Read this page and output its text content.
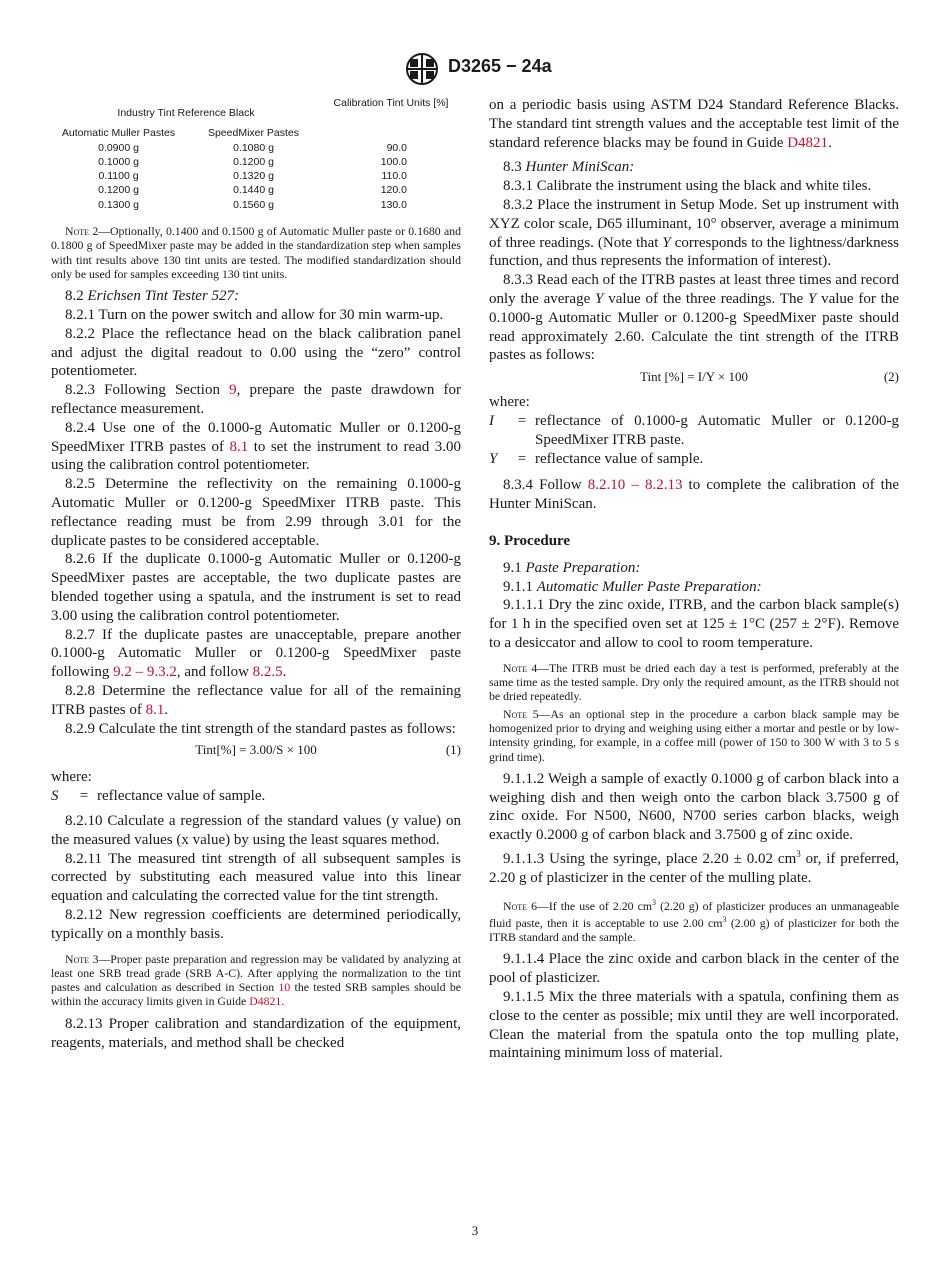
D3265 − 24a
Industry Tint Reference Black		Calibration Tint Units [%]

Automatic Muller Pastes	SpeedMixer Pastes	
0.0900 g	0.1080 g	90.0
0.1000 g	0.1200 g	100.0
0.1100 g	0.1320 g	110.0
0.1200 g	0.1440 g	120.0
0.1300 g	0.1560 g	130.0

Note 2—Optionally, 0.1400 and 0.1500 g of Automatic Muller paste or 0.1680 and 0.1800 g of SpeedMixer paste may be added in the standardization step when samples with tint results above 130 tint units are tested. The modified standardization should only be used for samples exceeding 130 tint units.

8.2 Erichsen Tint Tester 527:

8.2.1 Turn on the power switch and allow for 30 min warm-up.

8.2.2 Place the reflectance head on the black calibration panel and adjust the digital readout to 0.00 using the “zero” control potentiometer.

8.2.3 Following Section 9, prepare the paste drawdown for reflectance measurement.

8.2.4 Use one of the 0.1000-g Automatic Muller or 0.1200-g SpeedMixer ITRB pastes of 8.1 to set the instrument to read 3.00 using the calibration control potentiometer.

8.2.5 Determine the reflectivity on the remaining 0.1000-g Automatic Muller or 0.1200-g SpeedMixer ITRB paste. This reflectance reading must be from 2.99 through 3.01 for the duplicate pastes to be considered acceptable.

8.2.6 If the duplicate 0.1000-g Automatic Muller or 0.1200-g SpeedMixer pastes are acceptable, the two duplicate pastes are blended together using a spatula, and the instrument is set to read 3.00 using the calibration control potentiometer.

8.2.7 If the duplicate pastes are unacceptable, prepare another 0.1000-g Automatic Muller or 0.1200-g SpeedMixer paste following 9.2 – 9.3.2, and follow 8.2.5.

8.2.8 Determine the reflectance value for all of the remaining ITRB pastes of 8.1.

8.2.9 Calculate the tint strength of the standard pastes as follows:

Tint[%] = 3.00/S × 100	(1)

where:

S	= reflectance value of sample.

8.2.10 Calculate a regression of the standard values (y value) on the measured values (x value) by using the least squares method.

8.2.11 The measured tint strength of all subsequent samples is corrected by substituting each measured value into this linear equation and calculating the corrected value for the tint strength.

8.2.12 New regression coefficients are determined periodically, typically on a monthly basis.

Note 3—Proper paste preparation and regression may be validated by analyzing at least one SRB tread grade (SRB A-C). After applying the normalization to the tint pastes and calculation as described in Section 10 the tested SRB samples should be within the accuracy limits given in Guide D4821.

8.2.13 Proper calibration and standardization of the equipment, reagents, materials, and method shall be checked

on a periodic basis using ASTM D24 Standard Reference Blacks. The standard tint strength values and the acceptable test limit of the standard reference blacks may be found in Guide D4821.

8.3 Hunter MiniScan:

8.3.1 Calibrate the instrument using the black and white tiles.

8.3.2 Place the instrument in Setup Mode. Set up instrument with XYZ color scale, D65 illuminant, 10° observer, average a minimum of three readings. (Note that Y corresponds to the lightness/darkness function, and thus represents the information of interest).

8.3.3 Read each of the ITRB pastes at least three times and record only the average Y value of the three readings. The Y value for the 0.1000-g Automatic Muller or 0.1200-g SpeedMixer paste should read approximately 2.60. Calculate the tint strength of the ITRB pastes as follows:

Tint [%] = I/Y × 100	(2)

where:

I	= reflectance of 0.1000-g Automatic Muller or 0.1200-g SpeedMixer ITRB paste.
Y	= reflectance value of sample.

8.3.4 Follow 8.2.10 – 8.2.13 to complete the calibration of the Hunter MiniScan.

9. Procedure

9.1 Paste Preparation:

9.1.1 Automatic Muller Paste Preparation:

9.1.1.1 Dry the zinc oxide, ITRB, and the carbon black sample(s) for 1 h in the specified oven set at 125 ± 1°C (257 ± 2°F). Remove to a desiccator and allow to cool to room temperature.

Note 4—The ITRB must be dried each day a test is performed, preferably at the same time as the tested sample. Dry only the required amount, as the ITRB should not be dried repeatedly.

Note 5—As an optional step in the procedure a carbon black sample may be homogenized prior to drying and weighing using either a mortar and pestle or by low-intensity grinding, for example, in a coffee mill (power of 150 to 300 W with 3 to 5 s grind time).

9.1.1.2 Weigh a sample of exactly 0.1000 g of carbon black into a weighing dish and then weigh onto the carbon black 3.7500 g of zinc oxide. For N500, N600, N700 series carbon blacks, weigh exactly 0.2000 g of carbon black and 3.7500 g of zinc oxide.

9.1.1.3 Using the syringe, place 2.20 ± 0.02 $cm^3$ or, if preferred, 2.20 g of plasticizer in the center of the mulling plate.

Note 6—If the use of 2.20 $cm^3$ (2.20 g) of plasticizer produces an unmanageable fluid paste, then it is acceptable to use 2.00 $cm^3$ (2.00 g) of plasticizer for both the ITRB standard and the sample.

9.1.1.4 Place the zinc oxide and carbon black in the center of the pool of plasticizer.

9.1.1.5 Mix the three materials with a spatula, confining them as close to the center as possible; mix until they are well incorporated. Clean the material from the spatula onto the top mulling plate, maintaining minimum loss of material.

3
